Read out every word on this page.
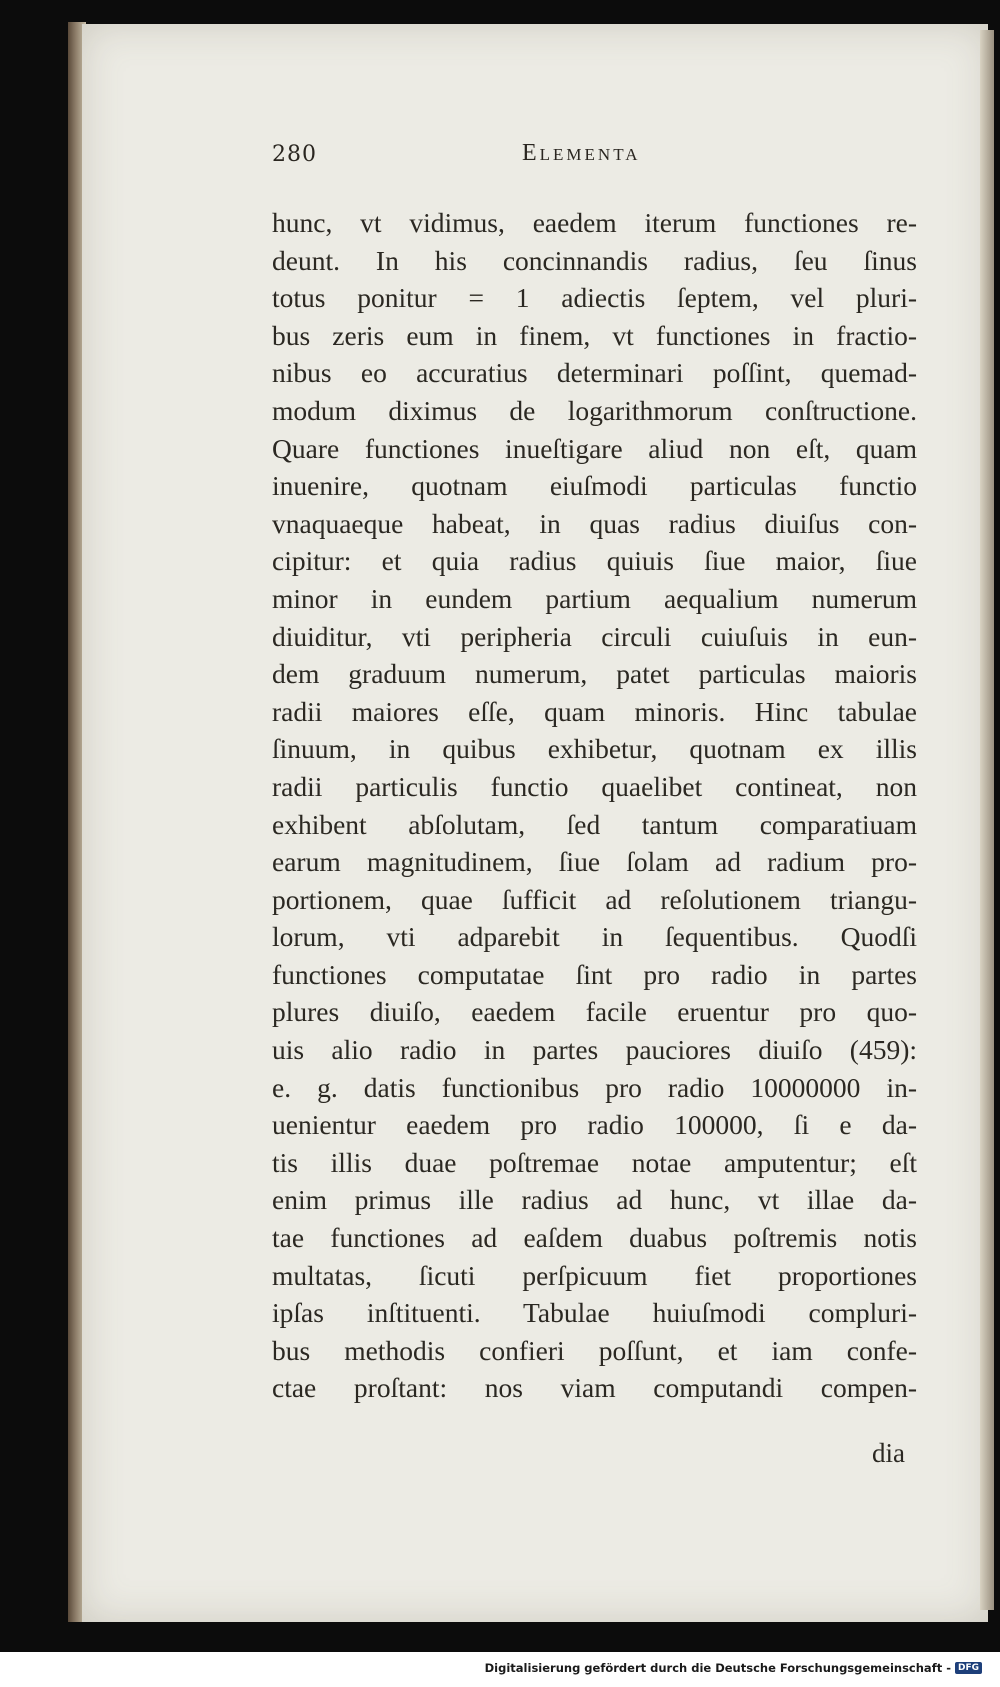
280	Elementa
hunc, vt vidimus, eaedem iterum functiones re-
deunt. In his concinnandis radius, ſeu ſinus
totus ponitur = 1 adiectis ſeptem, vel pluri-
bus zeris eum in finem, vt functiones in fractio-
nibus eo accuratius determinari poſſint, quemad-
modum diximus de logarithmorum conſtructione.
Quare functiones inueſtigare aliud non eſt, quam
inuenire, quotnam eiuſmodi particulas functio
vnaquaeque habeat, in quas radius diuiſus con-
cipitur: et quia radius quiuis ſiue maior, ſiue
minor in eundem partium aequalium numerum
diuiditur, vti peripheria circuli cuiuſuis in eun-
dem graduum numerum, patet particulas maioris
radii maiores eſſe, quam minoris. Hinc tabulae
ſinuum, in quibus exhibetur, quotnam ex illis
radii particulis functio quaelibet contineat, non
exhibent abſolutam, ſed tantum comparatiuam
earum magnitudinem, ſiue ſolam ad radium pro-
portionem, quae ſufficit ad reſolutionem triangu-
lorum, vti adparebit in ſequentibus. Quodſi
functiones computatae ſint pro radio in partes
plures diuiſo, eaedem facile eruentur pro quo-
uis alio radio in partes pauciores diuiſo (459):
e. g. datis functionibus pro radio 10000000 in-
uenientur eaedem pro radio 100000, ſi e da-
tis illis duae poſtremae notae amputentur; eſt
enim primus ille radius ad hunc, vt illae da-
tae functiones ad eaſdem duabus poſtremis notis
multatas, ſicuti perſpicuum fiet proportiones
ipſas inſtituenti. Tabulae huiuſmodi compluri-
bus methodis confieri poſſunt, et iam confe-
ctae proſtant: nos viam computandi compen-
dia
Digitalisierung gefördert durch die Deutsche Forschungsgemeinschaft - DFG
